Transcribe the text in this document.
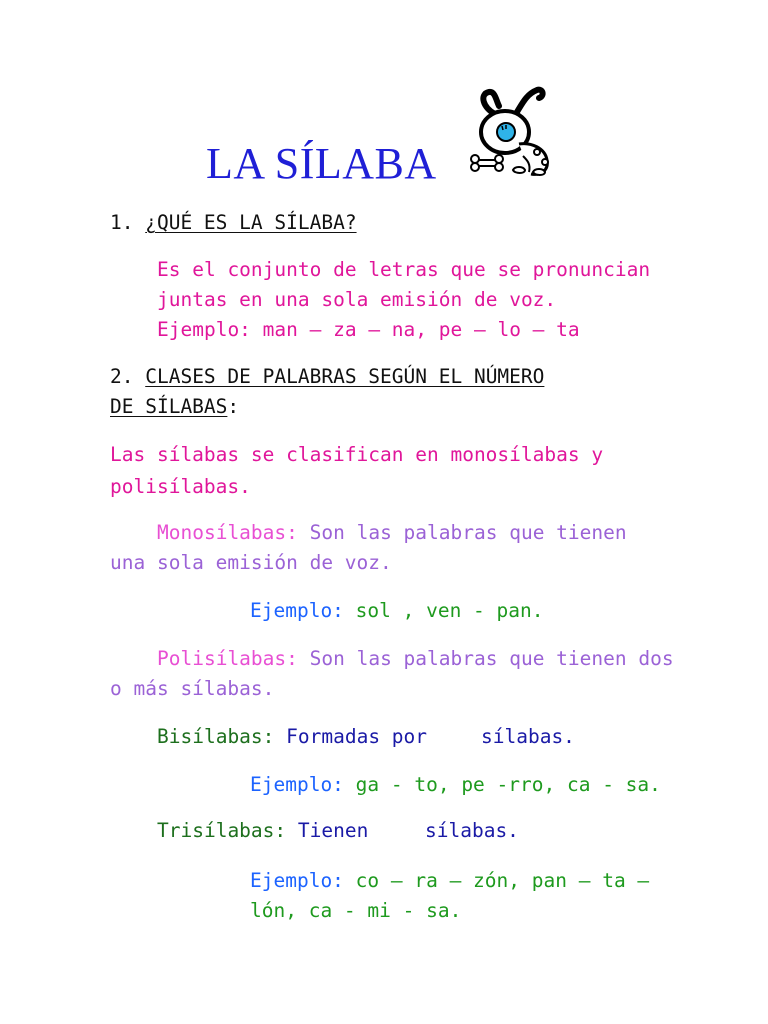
LA SÍLABA
1. ¿QUÉ ES LA SÍLABA?
Es el conjunto de letras que se pronuncian
juntas en una sola emisión de voz.
Ejemplo: man – za – na, pe – lo – ta
2. CLASES DE PALABRAS SEGÚN EL NÚMERO
DE SÍLABAS:
Las sílabas se clasifican en monosílabas y
polisílabas.
Monosílabas: Son las palabras que tienen
una sola emisión de voz.
Ejemplo: sol , ven - pan.
Polisílabas: Son las palabras que tienen dos
o más sílabas.
Bisílabas: Formadas por	sílabas.
Ejemplo: ga - to, pe -rro, ca - sa.
Trisílabas: Tienen	sílabas.
Ejemplo: co – ra – zón, pan – ta –
lón, ca - mi - sa.
